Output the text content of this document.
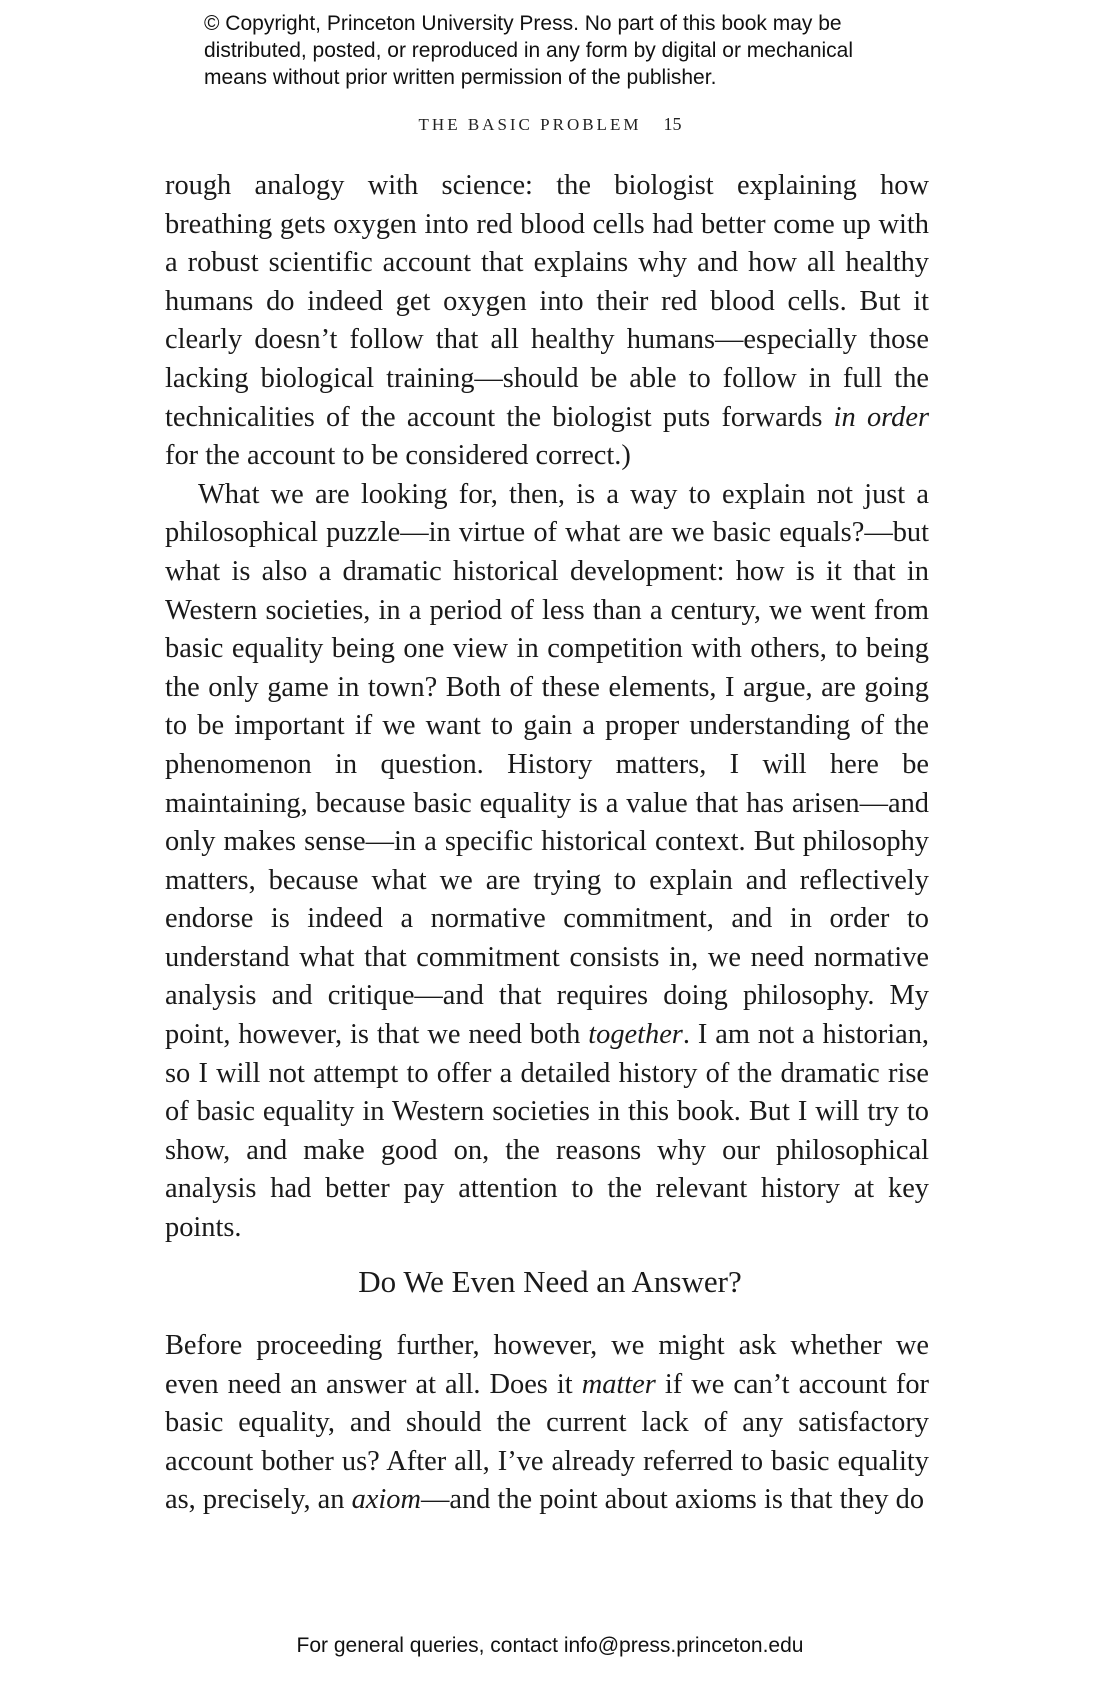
© Copyright, Princeton University Press. No part of this book may be
distributed, posted, or reproduced in any form by digital or mechanical
means without prior written permission of the publisher.
THE BASIC PROBLEM 15

rough analogy with science: the biologist explaining how breathing gets oxygen into red blood cells had better come up with a robust scientific account that explains why and how all healthy humans do indeed get oxygen into their red blood cells. But it clearly doesn’t follow that all healthy humans—especially those lacking biological training—should be able to follow in full the technicalities of the account the biologist puts forwards in order for the account to be considered correct.)

What we are looking for, then, is a way to explain not just a philosophical puzzle—in virtue of what are we basic equals?—but what is also a dramatic historical development: how is it that in Western societies, in a period of less than a century, we went from basic equality being one view in competition with others, to being the only game in town? Both of these elements, I argue, are going to be important if we want to gain a proper understanding of the phenomenon in question. History matters, I will here be maintaining, because basic equality is a value that has arisen—and only makes sense—in a specific historical context. But philosophy matters, because what we are trying to explain and reflectively endorse is indeed a normative commitment, and in order to understand what that commitment consists in, we need normative analysis and critique—and that requires doing philosophy. My point, however, is that we need both together. I am not a historian, so I will not attempt to offer a detailed history of the dramatic rise of basic equality in Western societies in this book. But I will try to show, and make good on, the reasons why our philosophical analysis had better pay attention to the relevant history at key points.

Do We Even Need an Answer?

Before proceeding further, however, we might ask whether we even need an answer at all. Does it matter if we can’t account for basic equality, and should the current lack of any satisfactory account bother us? After all, I’ve already referred to basic equality as, precisely, an axiom—and the point about axioms is that they do

For general queries, contact info@press.princeton.edu
